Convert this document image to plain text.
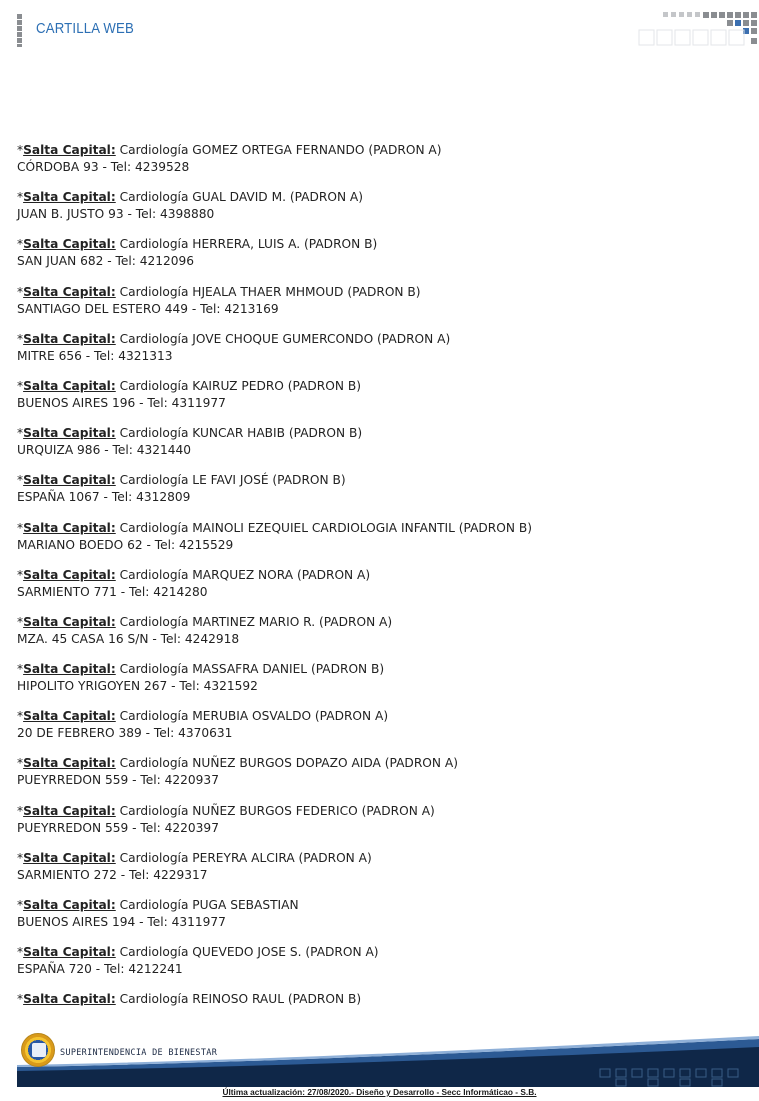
CARTILLA WEB
*Salta Capital: Cardiología GOMEZ ORTEGA FERNANDO (PADRON A)
CÓRDOBA 93 - Tel: 4239528
*Salta Capital: Cardiología GUAL DAVID M. (PADRON A)
JUAN B. JUSTO 93 - Tel: 4398880
*Salta Capital: Cardiología HERRERA, LUIS A. (PADRON B)
SAN JUAN 682 - Tel: 4212096
*Salta Capital: Cardiología HJEALA THAER MHMOUD (PADRON B)
SANTIAGO DEL ESTERO 449 - Tel: 4213169
*Salta Capital: Cardiología JOVE CHOQUE GUMERCONDO (PADRON A)
MITRE 656 - Tel: 4321313
*Salta Capital: Cardiología KAIRUZ PEDRO (PADRON B)
BUENOS AIRES 196 - Tel: 4311977
*Salta Capital: Cardiología KUNCAR HABIB (PADRON B)
URQUIZA 986 - Tel: 4321440
*Salta Capital: Cardiología LE FAVI JOSÉ (PADRON B)
ESPAÑA 1067 - Tel: 4312809
*Salta Capital: Cardiología MAINOLI EZEQUIEL CARDIOLOGIA INFANTIL (PADRON B)
MARIANO BOEDO 62 - Tel: 4215529
*Salta Capital: Cardiología MARQUEZ NORA (PADRON A)
SARMIENTO 771 - Tel: 4214280
*Salta Capital: Cardiología MARTINEZ MARIO R. (PADRON A)
MZA. 45 CASA 16 S/N - Tel: 4242918
*Salta Capital: Cardiología MASSAFRA DANIEL (PADRON B)
HIPOLITO YRIGOYEN 267 - Tel: 4321592
*Salta Capital: Cardiología MERUBIA OSVALDO (PADRON A)
20 DE FEBRERO 389 - Tel: 4370631
*Salta Capital: Cardiología NUÑEZ BURGOS DOPAZO AIDA (PADRON A)
PUEYRREDON 559 - Tel: 4220937
*Salta Capital: Cardiología NUÑEZ BURGOS FEDERICO (PADRON A)
PUEYRREDON 559 - Tel: 4220397
*Salta Capital: Cardiología PEREYRA ALCIRA (PADRON A)
SARMIENTO 272 - Tel: 4229317
*Salta Capital: Cardiología PUGA SEBASTIAN
BUENOS AIRES 194 - Tel: 4311977
*Salta Capital: Cardiología QUEVEDO JOSE S. (PADRON A)
ESPAÑA 720 - Tel: 4212241
*Salta Capital: Cardiología REINOSO RAUL (PADRON B)
SUPERINTENDENCIA DE BIENESTAR
Última actualización: 27/08/2020.- Diseño y Desarrollo - Secc Informáticao - S.B.
